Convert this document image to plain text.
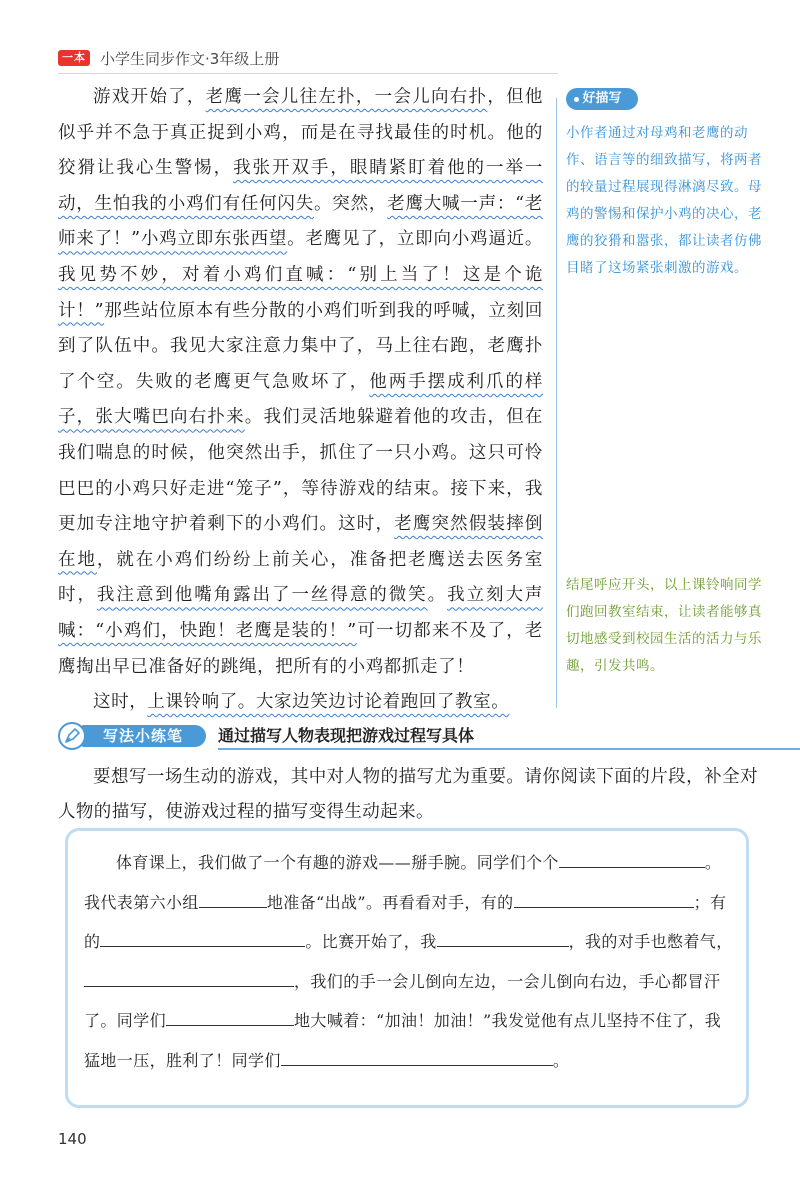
一本 小学生同步作文·3年级上册

游戏开始了，老鹰一会儿往左扑，一会儿向右扑，但他似乎并不急于真正捉到小鸡，而是在寻找最佳的时机。他的狡猾让我心生警惕，我张开双手，眼睛紧盯着他的一举一动，生怕我的小鸡们有任何闪失。突然，老鹰大喊一声：“老师来了！”小鸡立即东张西望。老鹰见了，立即向小鸡逼近。我见势不妙，对着小鸡们直喊：“别上当了！这是个诡计！”那些站位原本有些分散的小鸡们听到我的呼喊，立刻回到了队伍中。我见大家注意力集中了，马上往右跑，老鹰扑了个空。失败的老鹰更气急败坏了，他两手摆成利爪的样子，张大嘴巴向右扑来。我们灵活地躲避着他的攻击，但在我们喘息的时候，他突然出手，抓住了一只小鸡。这只可怜巴巴的小鸡只好走进“笼子”，等待游戏的结束。接下来，我更加专注地守护着剩下的小鸡们。这时，老鹰突然假装摔倒在地，就在小鸡们纷纷上前关心，准备把老鹰送去医务室时，我注意到他嘴角露出了一丝得意的微笑。我立刻大声喊：“小鸡们，快跑！老鹰是装的！”可一切都来不及了，老鹰掏出早已准备好的跳绳，把所有的小鸡都抓走了！

这时，上课铃响了。大家边笑边讨论着跑回了教室。

好描写
小作者通过对母鸡和老鹰的动作、语言等的细致描写，将两者的较量过程展现得淋漓尽致。母鸡的警惕和保护小鸡的决心，老鹰的狡猾和嚣张，都让读者仿佛目睹了这场紧张刺激的游戏。
结尾呼应开头，以上课铃响同学们跑回教室结束，让读者能够真切地感受到校园生活的活力与乐趣，引发共鸣。
写法小练笔	通过描写人物表现把游戏过程写具体

要想写一场生动的游戏，其中对人物的描写尤为重要。请你阅读下面的片段，补全对人物的描写，使游戏过程的描写变得生动起来。

体育课上，我们做了一个有趣的游戏——掰手腕。同学们个个	。我代表第六小组	地准备“出战”。再看看对手，有的	；有的	。比赛开始了，我	，我的对手也憋着气，，我们的手一会儿倒向左边，一会儿倒向右边，手心都冒汗了。同学们	地大喊着：“加油！加油！”我发觉他有点儿坚持不住了，我猛地一压，胜利了！同学们	。

140
